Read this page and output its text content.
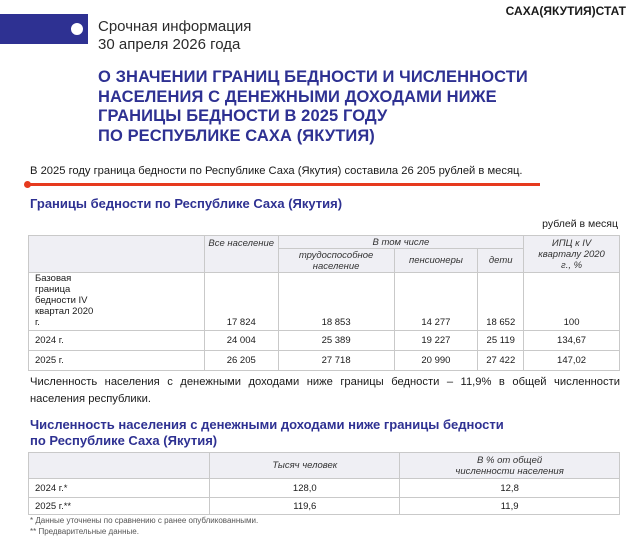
САХА(ЯКУТИЯ)СТАТ
Срочная информация
30 апреля 2026 года
О ЗНАЧЕНИИ ГРАНИЦ БЕДНОСТИ И ЧИСЛЕННОСТИ
НАСЕЛЕНИЯ С ДЕНЕЖНЫМИ ДОХОДАМИ НИЖЕ
ГРАНИЦЫ БЕДНОСТИ В 2025 ГОДУ
ПО РЕСПУБЛИКЕ САХА (ЯКУТИЯ)
В 2025 году граница бедности по Республике Саха (Якутия) составила 26 205 рублей в месяц.
Границы бедности по Республике Саха (Якутия)
рублей в месяц
	Все население	В том числе			ИПЦ к IV кварталу 2020 г., %
		трудоспособное население	пенсионеры	дети	
Базовая граница бедности IV квартал 2020 г.	17 824	18 853	14 277	18 652	100
2024 г.	24 004	25 389	19 227	25 119	134,67
2025 г.	26 205	27 718	20 990	27 422	147,02
Численность населения с денежными доходами ниже границы бедности – 11,9% в общей численности населения республики.
Численность населения с денежными доходами ниже границы бедности
по Республике Саха (Якутия)
	Тысяч человек	В % от общей численности населения
2024 г.*	128,0	12,8
2025 г.**	119,6	11,9
* Данные уточнены по сравнению с ранее опубликованными.
** Предварительные данные.
